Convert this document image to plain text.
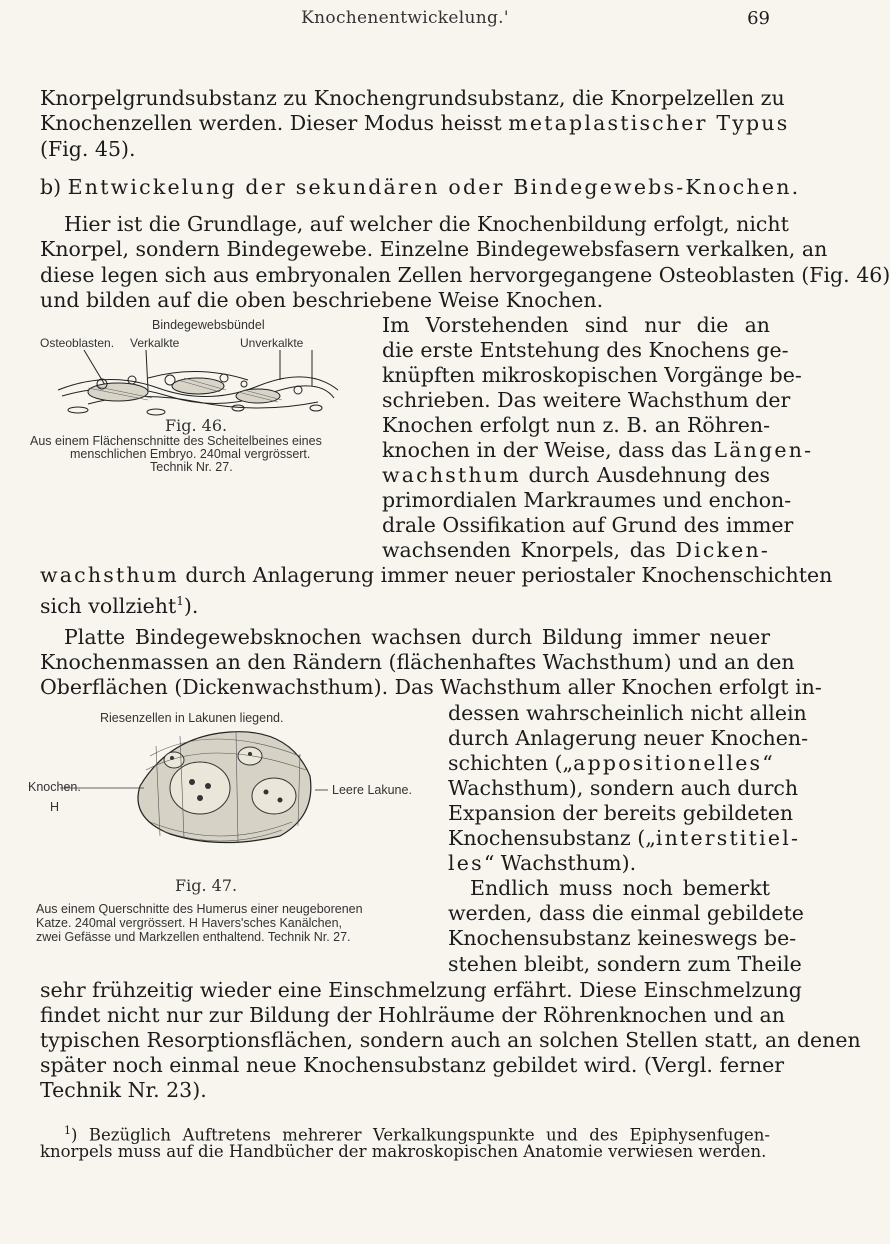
Knochenentwickelung.'	69
Knorpelgrundsubstanz zu Knochengrundsubstanz, die Knorpelzellen zu
Knochenzellen werden. Dieser Modus heisst metaplastischer Typus
(Fig. 45).
b) Entwickelung der sekundären oder Bindegewebs-Knochen.
Hier ist die Grundlage, auf welcher die Knochenbildung erfolgt, nicht
Knorpel, sondern Bindegewebe. Einzelne Bindegewebsfasern verkalken, an
diese legen sich aus embryonalen Zellen hervorgegangene Osteoblasten (Fig. 46)
und bilden auf die oben beschriebene Weise Knochen.
Bindegewebsbündel
Osteoblasten. Verkalkte	Unverkalkte
Fig. 46.
Aus einem Flächenschnitte des Scheitelbeines eines
menschlichen Embryo. 240mal vergrössert.
Technik Nr. 27.
Im Vorstehenden sind nur die an
die erste Entstehung des Knochens ge-
knüpften mikroskopischen Vorgänge be-
schrieben. Das weitere Wachsthum der
Knochen erfolgt nun z. B. an Röhren-
knochen in der Weise, dass das Längen-
wachsthum durch Ausdehnung des
primordialen Markraumes und enchon-
drale Ossifikation auf Grund des immer
wachsenden Knorpels, das Dicken-
wachsthum durch Anlagerung immer neuer periostaler Knochenschichten
sich vollzieht$^1$).
Platte Bindegewebsknochen wachsen durch Bildung immer neuer
Knochenmassen an den Rändern (flächenhaftes Wachsthum) und an den
Oberflächen (Dickenwachsthum). Das Wachsthum aller Knochen erfolgt in-
Riesenzellen in Lakunen liegend.
Knochen.
H
Leere Lakune.
Fig. 47.
Aus einem Querschnitte des Humerus einer neugeborenen
Katze. 240mal vergrössert. H Havers'sches Kanälchen,
zwei Gefässe und Markzellen enthaltend. Technik Nr. 27.
dessen wahrscheinlich nicht allein
durch Anlagerung neuer Knochen-
schichten („appositionelles“
Wachsthum), sondern auch durch
Expansion der bereits gebildeten
Knochensubstanz („interstitiel-
les“ Wachsthum).
Endlich muss noch bemerkt
werden, dass die einmal gebildete
Knochensubstanz keineswegs be-
stehen bleibt, sondern zum Theile
sehr frühzeitig wieder eine Einschmelzung erfährt. Diese Einschmelzung
findet nicht nur zur Bildung der Hohlräume der Röhrenknochen und an
typischen Resorptionsflächen, sondern auch an solchen Stellen statt, an denen
später noch einmal neue Knochensubstanz gebildet wird. (Vergl. ferner
Technik Nr. 23).
$^1$) Bezüglich Auftretens mehrerer Verkalkungspunkte und des Epiphysenfugen-
knorpels muss auf die Handbücher der makroskopischen Anatomie verwiesen werden.
